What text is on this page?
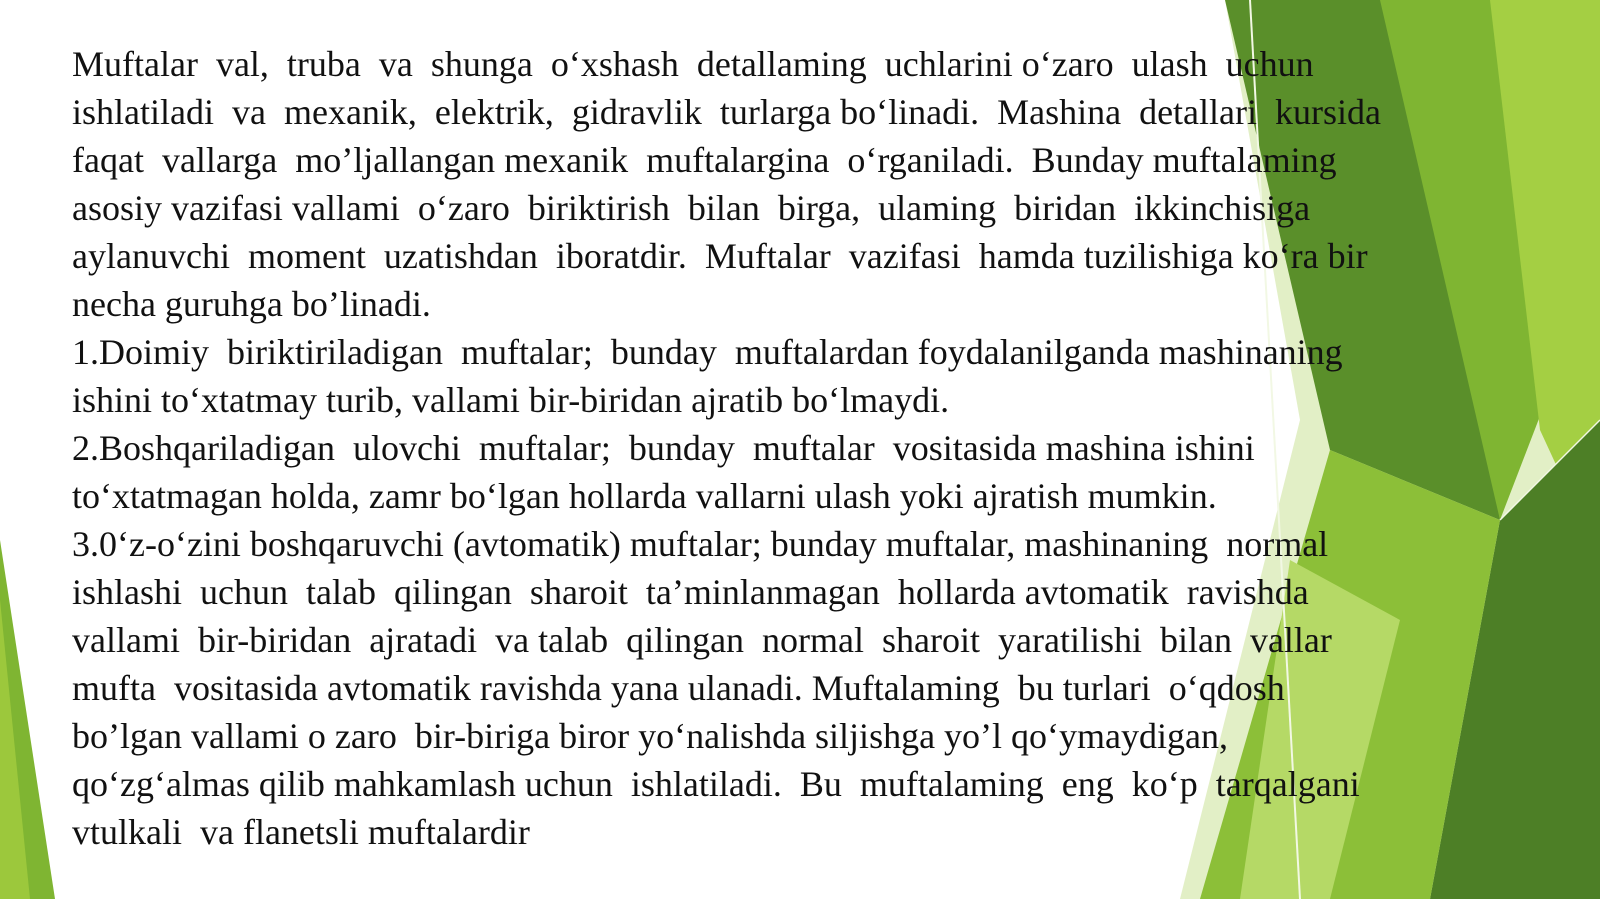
Muftalar  val,  truba  va  shunga  o‘xshash  detallaming  uchlarini o‘zaro  ulash  uchun
ishlatiladi  va  mexanik,  elektrik,  gidravlik  turlarga bo‘linadi.  Mashina  detallari  kursida
faqat  vallarga  mo’ljallangan mexanik  muftalargina  o‘rganiladi.  Bunday muftalaming
asosiy vazifasi vallami  o‘zaro  biriktirish  bilan  birga,  ulaming  biridan  ikkinchisiga
aylanuvchi  moment  uzatishdan  iboratdir.  Muftalar  vazifasi  hamda tuzilishiga ko‘ra bir
necha guruhga bo’linadi.
1.Doimiy  biriktiriladigan  muftalar;  bunday  muftalardan foydalanilganda mashinaning
ishini to‘xtatmay turib, vallami bir-biridan ajratib bo‘lmaydi.
2.Boshqariladigan  ulovchi  muftalar;  bunday  muftalar  vositasida mashina ishini
to‘xtatmagan holda, zamr bo‘lgan hollarda vallarni ulash yoki ajratish mumkin.
3.0‘z-o‘zini boshqaruvchi (avtomatik) muftalar; bunday muftalar, mashinaning  normal
ishlashi  uchun  talab  qilingan  sharoit  ta’minlanmagan  hollarda avtomatik  ravishda
vallami  bir-biridan  ajratadi  va talab  qilingan  normal  sharoit  yaratilishi  bilan  vallar
mufta  vositasida avtomatik ravishda yana ulanadi. Muftalaming  bu turlari  o‘qdosh
bo’lgan vallami o zaro  bir-biriga biror yo‘nalishda siljishga yo’l qo‘ymaydigan,
qo‘zg‘almas qilib mahkamlash uchun  ishlatiladi.  Bu  muftalaming  eng  ko‘p  tarqalgani
vtulkali  va flanetsli muftalardir
